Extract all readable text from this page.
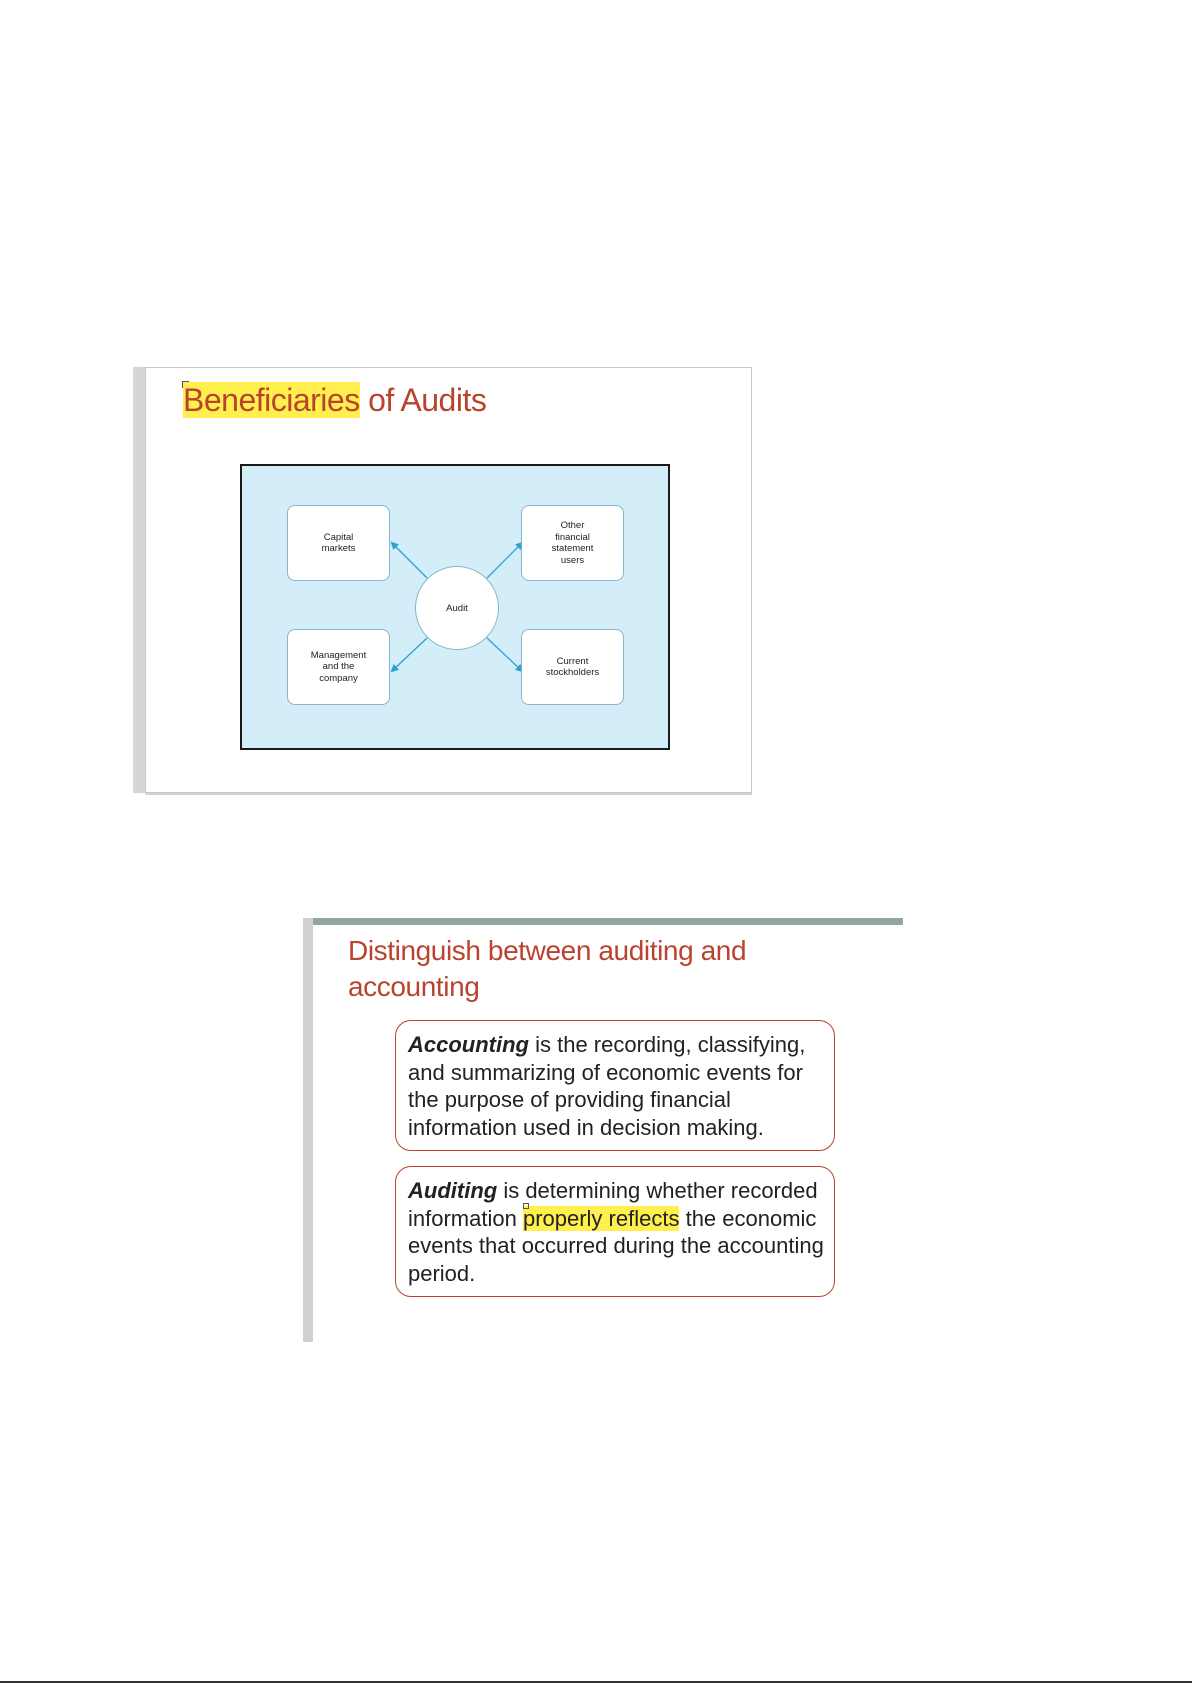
Beneficiaries of Audits
Capital
markets
Other
financial
statement
users
Management
and the
company
Current
stockholders
Audit
Distinguish between auditing and accounting
Accounting is the recording, classifying, and summarizing of economic events for the purpose of providing financial information used in decision making.
Auditing is determining whether recorded information properly reflects the economic events that occurred during the accounting period.
